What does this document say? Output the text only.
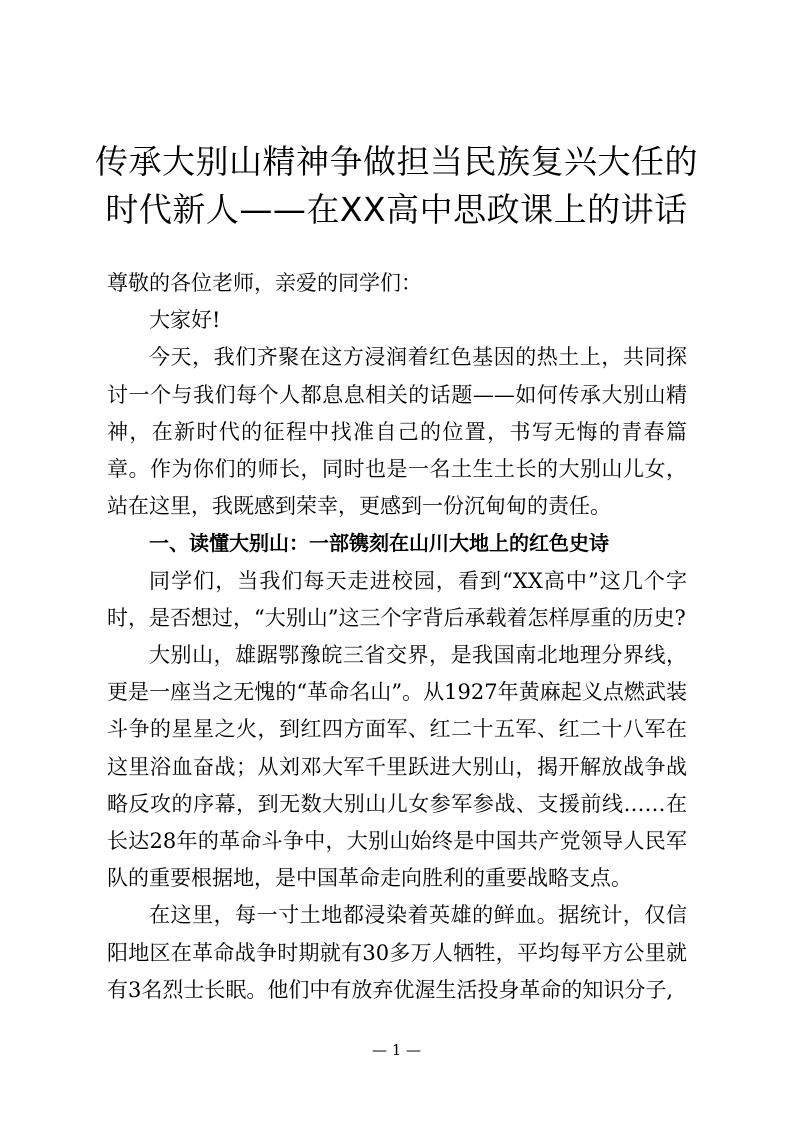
传承大别山精神争做担当民族复兴大任的
时代新人——在XX高中思政课上的讲话

尊敬的各位老师，亲爱的同学们：

大家好!

今天，我们齐聚在这方浸润着红色基因的热土上，共同探讨一个与我们每个人都息息相关的话题——如何传承大别山精神，在新时代的征程中找准自己的位置，书写无悔的青春篇章。作为你们的师长，同时也是一名土生土长的大别山儿女，站在这里，我既感到荣幸，更感到一份沉甸甸的责任。

一、读懂大别山：一部镌刻在山川大地上的红色史诗

同学们，当我们每天走进校园，看到“XX高中”这几个字时，是否想过，“大别山”这三个字背后承载着怎样厚重的历史?

大别山，雄踞鄂豫皖三省交界，是我国南北地理分界线，更是一座当之无愧的“革命名山”。从1927年黄麻起义点燃武装斗争的星星之火，到红四方面军、红二十五军、红二十八军在这里浴血奋战；从刘邓大军千里跃进大别山，揭开解放战争战略反攻的序幕，到无数大别山儿女参军参战、支援前线……在长达28年的革命斗争中，大别山始终是中国共产党领导人民军队的重要根据地，是中国革命走向胜利的重要战略支点。

在这里，每一寸土地都浸染着英雄的鲜血。据统计，仅信阳地区在革命战争时期就有30多万人牺牲，平均每平方公里就有3名烈士长眠。他们中有放弃优渥生活投身革命的知识分子,

— 1 —
